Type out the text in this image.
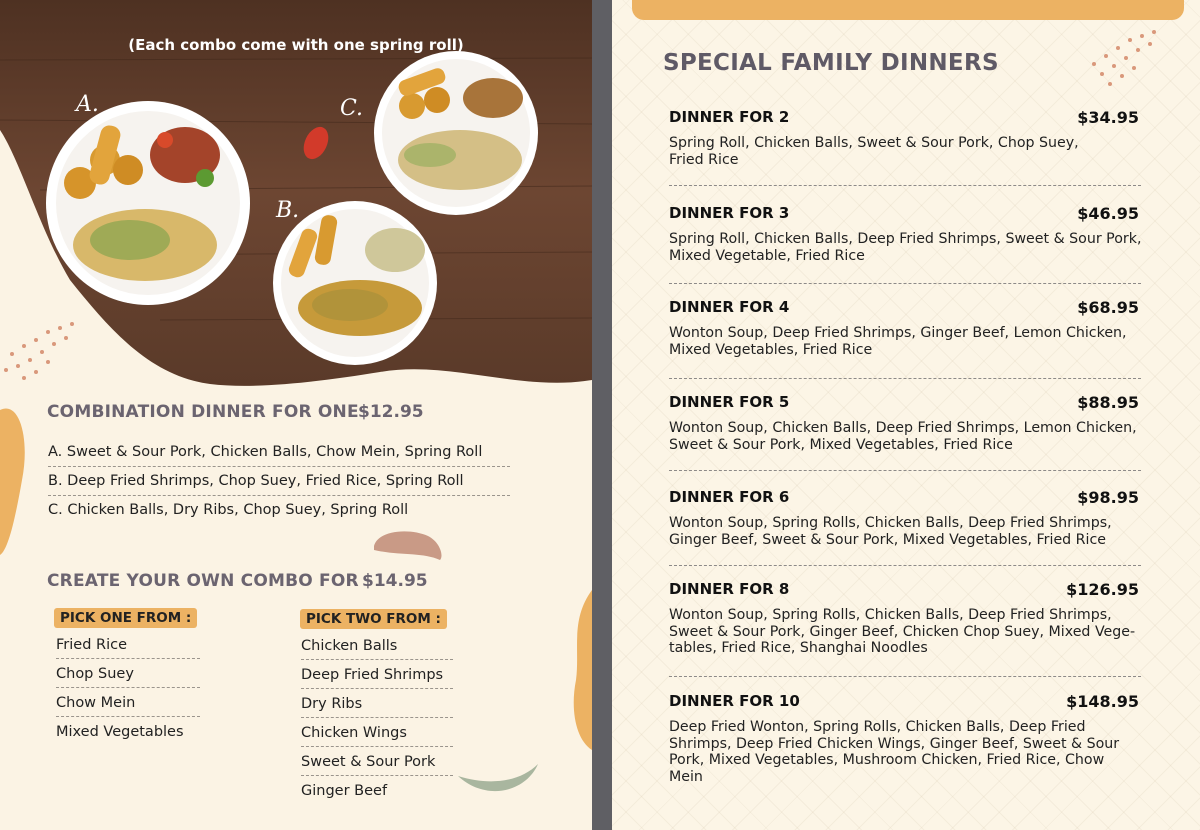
(Each combo come with one spring roll)
A.
B.
C.
COMBINATION DINNER FOR ONE $12.95
A. Sweet & Sour Pork, Chicken Balls, Chow Mein, Spring Roll
B. Deep Fried Shrimps, Chop Suey, Fried Rice, Spring Roll
C. Chicken Balls, Dry Ribs, Chop Suey, Spring Roll
CREATE YOUR OWN COMBO FOR $14.95
PICK ONE FROM :
Fried Rice
Chop Suey
Chow Mein
Mixed Vegetables
PICK TWO FROM :
Chicken Balls
Deep Fried Shrimps
Dry Ribs
Chicken Wings
Sweet & Sour Pork
Ginger Beef
SPECIAL FAMILY DINNERS
DINNER FOR 2	$34.95
Spring Roll, Chicken Balls, Sweet & Sour Pork, Chop Suey,
Fried Rice
DINNER FOR 3	$46.95
Spring Roll, Chicken Balls, Deep Fried Shrimps, Sweet & Sour Pork,
Mixed Vegetable, Fried Rice
DINNER FOR 4	$68.95
Wonton Soup, Deep Fried Shrimps, Ginger Beef, Lemon Chicken,
Mixed Vegetables, Fried Rice
DINNER FOR 5	$88.95
Wonton Soup, Chicken Balls, Deep Fried Shrimps, Lemon Chicken,
Sweet & Sour Pork, Mixed Vegetables, Fried Rice
DINNER FOR 6	$98.95
Wonton Soup, Spring Rolls, Chicken Balls, Deep Fried Shrimps,
Ginger Beef, Sweet & Sour Pork, Mixed Vegetables, Fried Rice
DINNER FOR 8	$126.95
Wonton Soup, Spring Rolls, Chicken Balls, Deep Fried Shrimps,
Sweet & Sour Pork, Ginger Beef, Chicken Chop Suey, Mixed Vege-
tables, Fried Rice, Shanghai Noodles
DINNER FOR 10	$148.95
Deep Fried Wonton, Spring Rolls, Chicken Balls, Deep Fried
Shrimps, Deep Fried Chicken Wings, Ginger Beef, Sweet & Sour
Pork, Mixed Vegetables, Mushroom Chicken, Fried Rice, Chow
Mein
